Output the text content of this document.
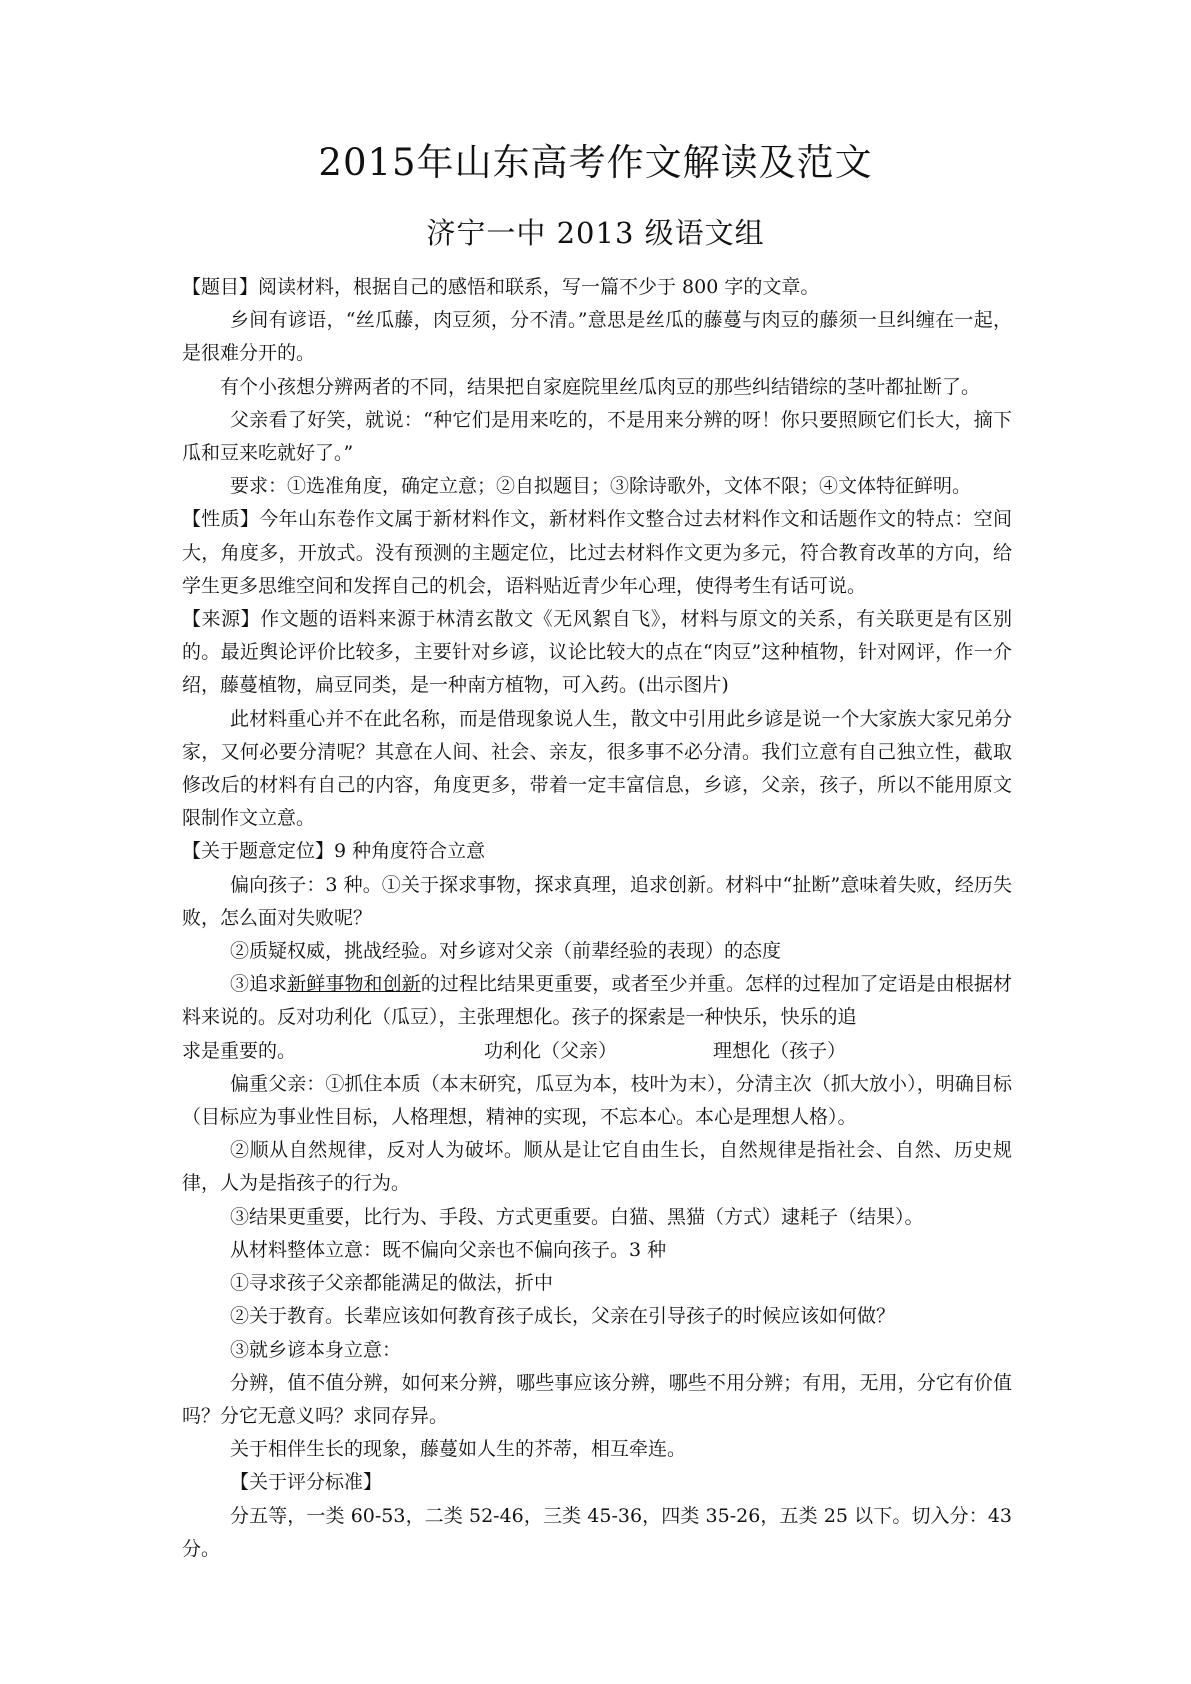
2015年山东高考作文解读及范文
济宁一中 2013 级语文组

【题目】阅读材料，根据自己的感悟和联系，写一篇不少于 800 字的文章。

乡间有谚语，“丝瓜藤，肉豆须，分不清。”意思是丝瓜的藤蔓与肉豆的藤须一旦纠缠在一起，是很难分开的。

有个小孩想分辨两者的不同，结果把自家庭院里丝瓜肉豆的那些纠结错综的茎叶都扯断了。

父亲看了好笑，就说：“种它们是用来吃的，不是用来分辨的呀！你只要照顾它们长大，摘下瓜和豆来吃就好了。”

要求：①选准角度，确定立意；②自拟题目；③除诗歌外，文体不限；④文体特征鲜明。

【性质】今年山东卷作文属于新材料作文，新材料作文整合过去材料作文和话题作文的特点：空间大，角度多，开放式。没有预测的主题定位，比过去材料作文更为多元，符合教育改革的方向，给学生更多思维空间和发挥自己的机会，语料贴近青少年心理，使得考生有话可说。

【来源】作文题的语料来源于林清玄散文《无风絮自飞》，材料与原文的关系，有关联更是有区别的。最近舆论评价比较多，主要针对乡谚，议论比较大的点在“肉豆”这种植物，针对网评，作一介绍，藤蔓植物，扁豆同类，是一种南方植物，可入药。(出示图片)

此材料重心并不在此名称，而是借现象说人生，散文中引用此乡谚是说一个大家族大家兄弟分家，又何必要分清呢？其意在人间、社会、亲友，很多事不必分清。我们立意有自己独立性，截取修改后的材料有自己的内容，角度更多，带着一定丰富信息，乡谚，父亲，孩子，所以不能用原文限制作文立意。

【关于题意定位】9 种角度符合立意

偏向孩子：3 种。①关于探求事物，探求真理，追求创新。材料中“扯断”意味着失败，经历失败，怎么面对失败呢？

②质疑权威，挑战经验。对乡谚对父亲（前辈经验的表现）的态度

③追求新鲜事物和创新的过程比结果更重要，或者至少并重。怎样的过程加了定语是由根据材料来说的。反对功利化（瓜豆），主张理想化。孩子的探索是一种快乐，快乐的追

求是重要的。	功利化（父亲）	理想化（孩子）

偏重父亲：①抓住本质（本末研究，瓜豆为本，枝叶为末），分清主次（抓大放小），明确目标（目标应为事业性目标，人格理想，精神的实现，不忘本心。本心是理想人格）。

②顺从自然规律，反对人为破坏。顺从是让它自由生长，自然规律是指社会、自然、历史规律，人为是指孩子的行为。

③结果更重要，比行为、手段、方式更重要。白猫、黑猫（方式）逮耗子（结果）。

从材料整体立意：既不偏向父亲也不偏向孩子。3 种

①寻求孩子父亲都能满足的做法，折中

②关于教育。长辈应该如何教育孩子成长，父亲在引导孩子的时候应该如何做？

③就乡谚本身立意：

分辨，值不值分辨，如何来分辨，哪些事应该分辨，哪些不用分辨；有用，无用，分它有价值吗？分它无意义吗？求同存异。

关于相伴生长的现象，藤蔓如人生的芥蒂，相互牵连。

【关于评分标准】

分五等，一类 60-53，二类 52-46，三类 45-36，四类 35-26，五类 25 以下。切入分：43 分。
